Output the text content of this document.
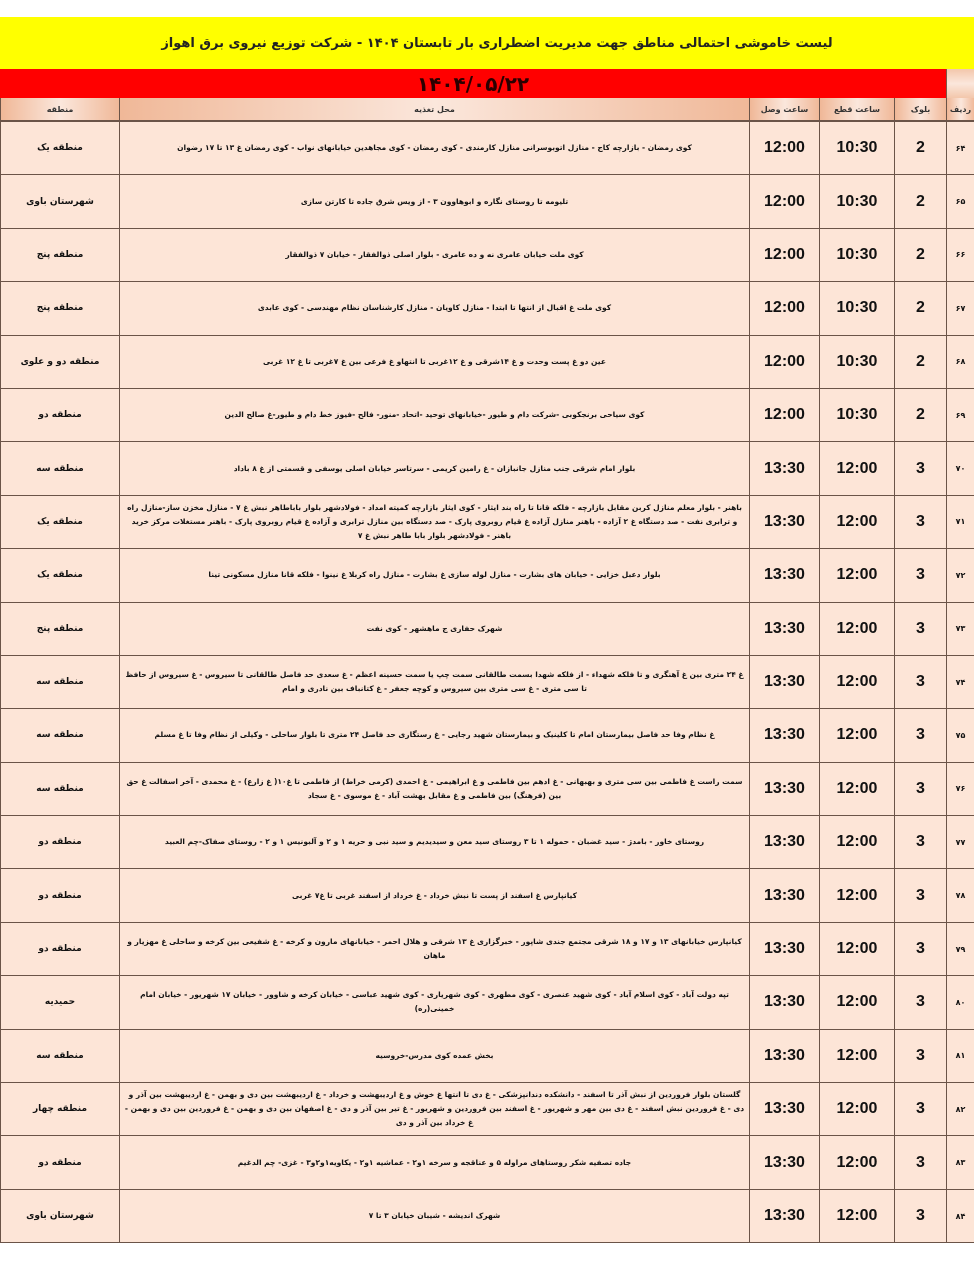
لیست خاموشی احتمالی مناطق جهت مدیریت اضطراری بار تابستان ۱۴۰۴ - شرکت توزیع نیروی برق اهواز
۱۴۰۴/۰۵/۲۲
ردیف	بلوک	ساعت قطع	ساعت وصل	محل تغذیه	منطقه
۶۴	2	10:30	12:00	کوی رمضان - بازارچه کاج - منازل اتوبوسرانی منازل کارمندی - کوی رمضان - کوی مجاهدین خیابانهای نواب - کوی رمضان غ ۱۳ تا ۱۷ رضوان	منطقه یک
۶۵	2	10:30	12:00	تلیومه تا روستای نگاره و ابوهاوون ۳ - از ویس شرق جاده تا کارتن سازی	شهرستان باوی
۶۶	2	10:30	12:00	کوی ملت خیابان عامری نه و ده عامری - بلوار اصلی ذوالفقار - خیابان ۷ ذوالفقار	منطقه پنج
۶۷	2	10:30	12:00	کوی ملت غ اقبال از انتها تا ابتدا - منازل کاویان - منازل کارشناسان نظام مهندسی - کوی عابدی	منطقه پنج
۶۸	2	10:30	12:00	عین دو غ پست وحدت و غ ۱۴شرقی و غ ۱۲غربی تا انتهاو غ فرعی بین غ ۷غربی تا غ ۱۲ غربی	منطقه دو و علوی
۶۹	2	10:30	12:00	کوی سیاحی برنجکوبی -شرکت دام و طیور -خیابانهای توحید -اتحاد -منور- فالح -فیوز خط دام و طیور-غ صالح الدین	منطقه دو
۷۰	3	12:00	13:30	بلوار امام شرقی جنب منازل جانبازان - غ رامین کریمی - سرتاسر خیابان اصلی یوسفی و قسمتی از غ ۸ باداد	منطقه سه
۷۱	3	12:00	13:30	باهنر - بلوار معلم منازل کربن مقابل بازارچه - فلکه قانا تا راه بند ایثار - کوی ایثار بازارچه کمیته امداد - فولادشهر بلوار باباطاهر نبش غ ۷ - منازل مخزن ساز-منازل راه و ترابری نفت - صد دستگاه غ ۲ آزاده - باهنر منازل آزاده غ قیام روبروی پارک - صد دستگاه بین منازل ترابری و آزاده غ قیام روبروی پارک - باهنر مستغلات مرکز خرید باهنر - فولادشهر بلوار بابا طاهر نبش غ ۷	منطقه یک
۷۲	3	12:00	13:30	بلوار دعبل خزایی - خیابان های بشارت - منازل لوله سازی غ بشارت - منازل راه کربلا غ نینوا - فلکه قانا منازل مسکونی تینا	منطقه یک
۷۳	3	12:00	13:30	شهرک حفاری ج ماهشهر - کوی نفت	منطقه پنج
۷۴	3	12:00	13:30	غ ۲۴ متری بین غ آهنگری و تا فلکه شهداء - از فلکه شهدا بسمت طالقانی سمت چپ یا سمت حسینه اعظم - غ سعدی حد فاصل طالقانی تا سیروس - غ سیروس از حافظ تا سی متری - غ سی متری بین سیروس و کوچه جعفر - غ کتانباف بین نادری و امام	منطقه سه
۷۵	3	12:00	13:30	غ نظام وفا حد فاصل بیمارستان امام تا کلینیک و بیمارستان شهید رجایی - غ رستگاری حد فاصل ۲۴ متری تا بلوار ساحلی - وکیلی از نظام وفا تا غ مسلم	منطقه سه
۷۶	3	12:00	13:30	سمت راست غ فاطمی بین سی متری و بهبهانی - غ ادهم بین فاطمی و غ ابراهیمی - غ احمدی (کرمی خراط) از فاطمی تا غ۱۰( غ زارع) - غ محمدی - آخر اسفالت غ حق بین (فرهنگ) بین فاطمی و غ مقابل بهشت آباد - غ موسوی - غ سجاد	منطقه سه
۷۷	3	12:00	13:30	روستای خاور - بامدژ - سید غضبان - حموله ۱ تا ۳ روستای سید معن و سیدیدیم و سید نبی و حریه ۱ و ۲ و آلبونیس ۱ و ۲ - روستای صفاک-چم العبید	منطقه دو
۷۸	3	12:00	13:30	کیانپارس غ اسفند از پست تا نبش خرداد - غ خرداد از اسفند غربی تا غ۷ غربی	منطقه دو
۷۹	3	12:00	13:30	کیانپارس خیابانهای ۱۳ و ۱۷ و ۱۸ شرقی مجتمع جندی شاپور - خبرگزاری غ ۱۳ شرقی و هلال احمر - خیابانهای مارون و کرخه - غ شفیعی بین کرخه و ساحلی غ مهزیار و ماهان	منطقه دو
۸۰	3	12:00	13:30	تپه دولت آباد - کوی اسلام آباد - کوی شهید عنصری - کوی مطهری - کوی شهریاری - کوی شهید عباسی - خیابان کرخه و شاوور - خیابان ۱۷ شهریور - خیابان امام خمینی(ره)	حمیدیه
۸۱	3	12:00	13:30	بخش عمده کوی مدرس-خروسیه	منطقه سه
۸۲	3	12:00	13:30	گلستان بلوار فروردین از نبش آذر تا اسفند - دانشکده دندانپزشکی - غ دی تا انتها غ خوش و غ اردیبهشت و خرداد - غ اردیبهشت بین دی و بهمن - غ اردیبهشت بین آذر و دی - غ فروردین نبش اسفند - غ دی بین مهر و شهریور - غ اسفند بین فروردین و شهریور - غ تیر بین آذر و دی - غ اصفهان بین دی و بهمن - غ فروردین بین دی و بهمن - غ خرداد بین آذر و دی	منطقه چهار
۸۳	3	12:00	13:30	جاده تصفیه شکر روستاهای مراوله ۵ و عناقجه و سرخه ۱و۲ - عماشیه ۱و۲ - یکاویه۱و۲و۳ - غزی- چم الدغیم	منطقه دو
۸۴	3	12:00	13:30	شهرک اندیشه - شیبان خیابان ۳ تا ۷	شهرستان باوی
